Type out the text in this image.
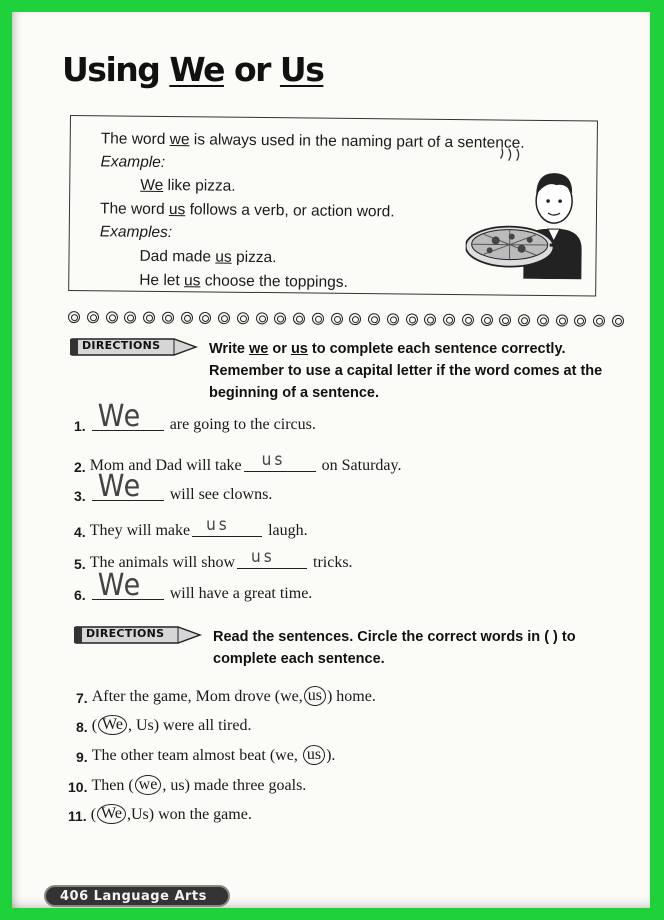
Using We or Us
The word we is always used in the naming part of a sentence.
Example:
We like pizza.
The word us follows a verb, or action word.
Examples:
Dad made us pizza.
He let us choose the toppings.
DIRECTIONS	Write we or us to complete each sentence correctly.
Remember to use a capital letter if the word comes at the
beginning of a sentence.
1. We are going to the circus.
2. Mom and Dad will take us on Saturday.
3. We will see clowns.
4. They will make us laugh.
5. The animals will show us tricks.
6. We will have a great time.
DIRECTIONS	Read the sentences. Circle the correct words in ( ) to
complete each sentence.
7. After the game, Mom drove ( we , us ) home.
8. ( We ,
Us ) were all tired.
9. The other team almost beat ( we ,
us ).
10. Then ( we ,
us ) made three goals.
11. ( We , Us ) won the game.
406 Language Arts
